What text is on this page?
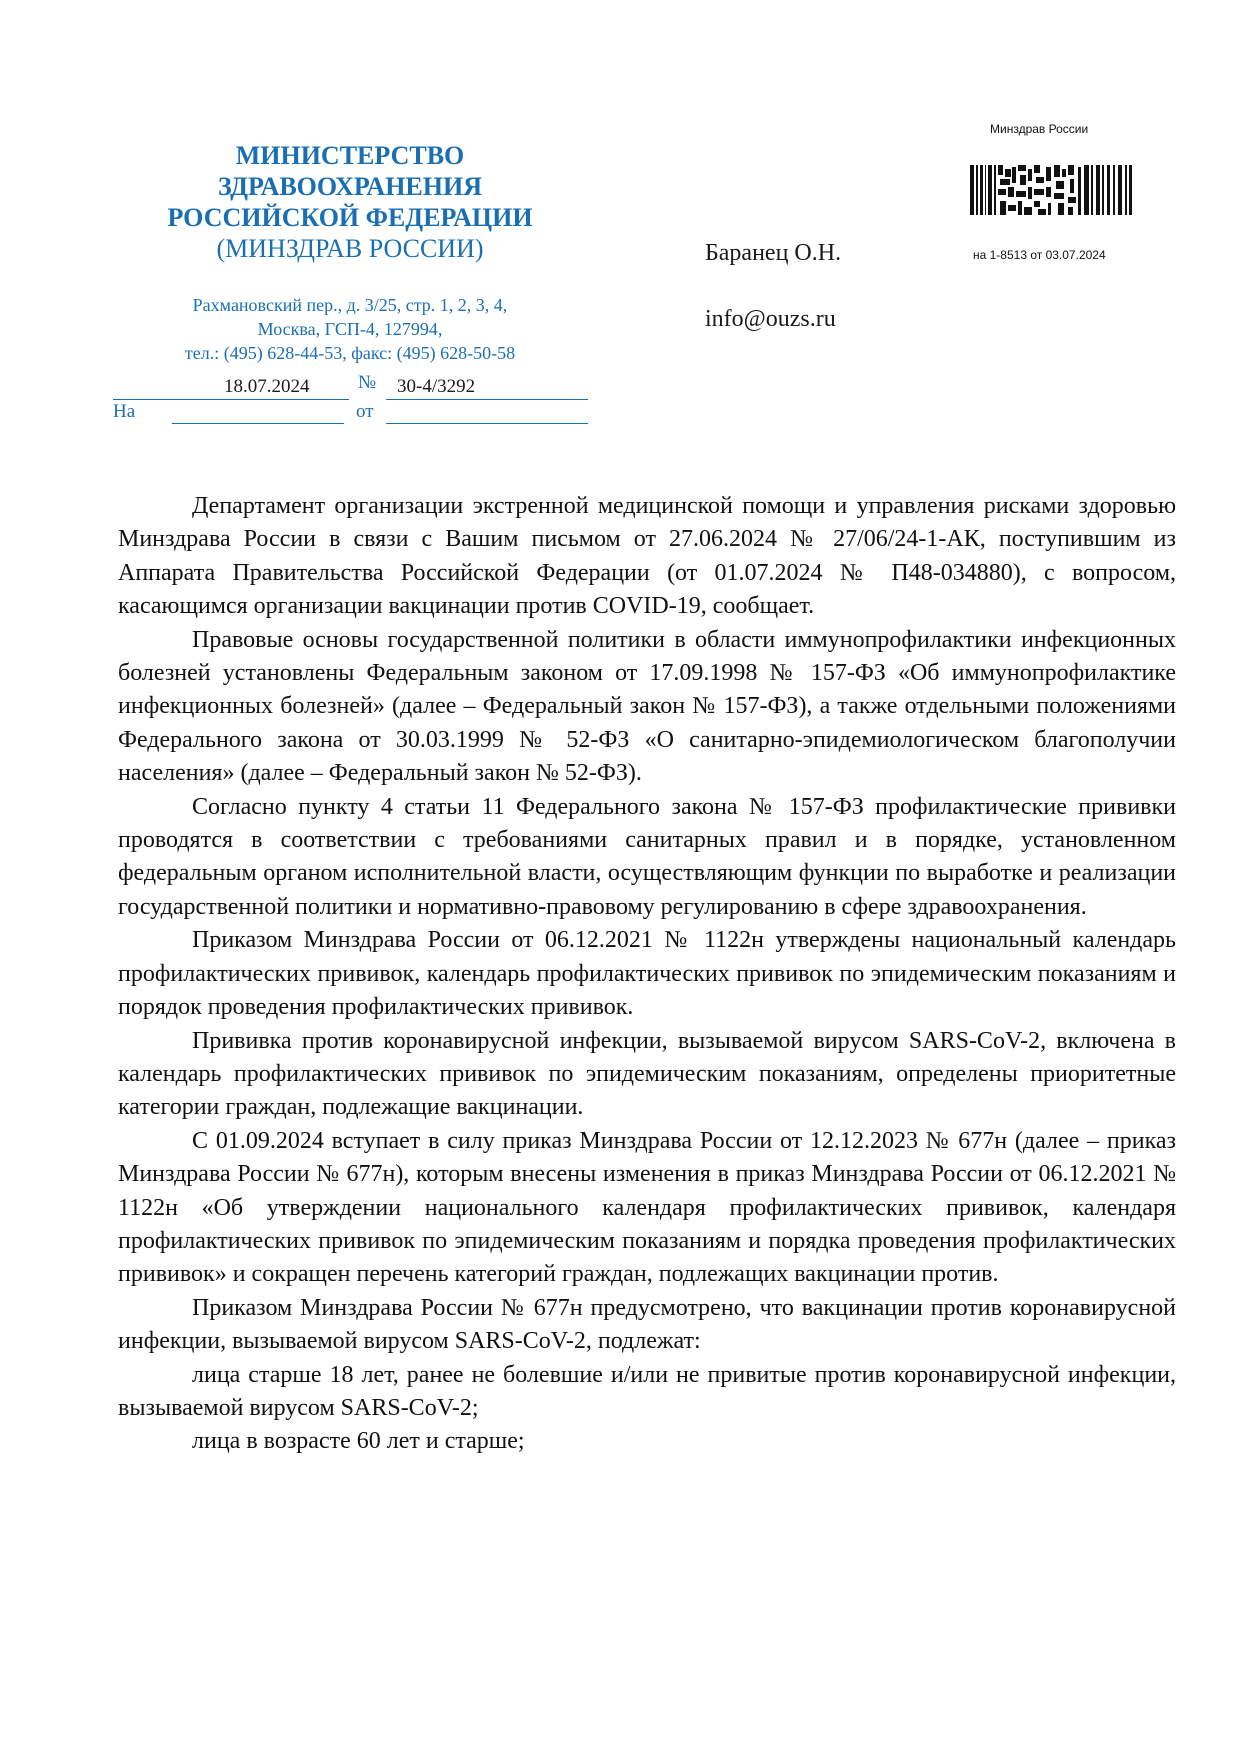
МИНИСТЕРСТВО
ЗДРАВООХРАНЕНИЯ
РОССИЙСКОЙ ФЕДЕРАЦИИ
(МИНЗДРАВ РОССИИ)
Рахмановский пер., д. 3/25, стр. 1, 2, 3, 4,
Москва, ГСП-4, 127994,
тел.: (495) 628-44-53, факс: (495) 628-50-58
18.07.2024	№ 30-4/3292
На	от
Баранец О.Н.
info@ouzs.ru
Минздрав России
на 1-8513 от 03.07.2024

Департамент организации экстренной медицинской помощи и управления рисками здоровью Минздрава России в связи с Вашим письмом от 27.06.2024 № 27/06/24-1-АК, поступившим из Аппарата Правительства Российской Федерации (от 01.07.2024 № П48-034880), с вопросом, касающимся организации вакцинации против COVID-19, сообщает.

Правовые основы государственной политики в области иммунопрофилактики инфекционных болезней установлены Федеральным законом от 17.09.1998 № 157-ФЗ «Об иммунопрофилактике инфекционных болезней» (далее – Федеральный закон № 157-ФЗ), а также отдельными положениями Федерального закона от 30.03.1999 № 52-ФЗ «О санитарно-эпидемиологическом благополучии населения» (далее – Федеральный закон № 52-ФЗ).

Согласно пункту 4 статьи 11 Федерального закона № 157-ФЗ профилактические прививки проводятся в соответствии с требованиями санитарных правил и в порядке, установленном федеральным органом исполнительной власти, осуществляющим функции по выработке и реализации государственной политики и нормативно-правовому регулированию в сфере здравоохранения.

Приказом Минздрава России от 06.12.2021 № 1122н утверждены национальный календарь профилактических прививок, календарь профилактических прививок по эпидемическим показаниям и порядок проведения профилактических прививок.

Прививка против коронавирусной инфекции, вызываемой вирусом SARS-CoV-2, включена в календарь профилактических прививок по эпидемическим показаниям, определены приоритетные категории граждан, подлежащие вакцинации.

С 01.09.2024 вступает в силу приказ Минздрава России от 12.12.2023 № 677н (далее – приказ Минздрава России № 677н), которым внесены изменения в приказ Минздрава России от 06.12.2021 № 1122н «Об утверждении национального календаря профилактических прививок, календаря профилактических прививок по эпидемическим показаниям и порядка проведения профилактических прививок» и сокращен перечень категорий граждан, подлежащих вакцинации против.

Приказом Минздрава России № 677н предусмотрено, что вакцинации против коронавирусной инфекции, вызываемой вирусом SARS-CoV-2, подлежат:

лица старше 18 лет, ранее не болевшие и/или не привитые против коронавирусной инфекции, вызываемой вирусом SARS-CoV-2;

лица в возрасте 60 лет и старше;
